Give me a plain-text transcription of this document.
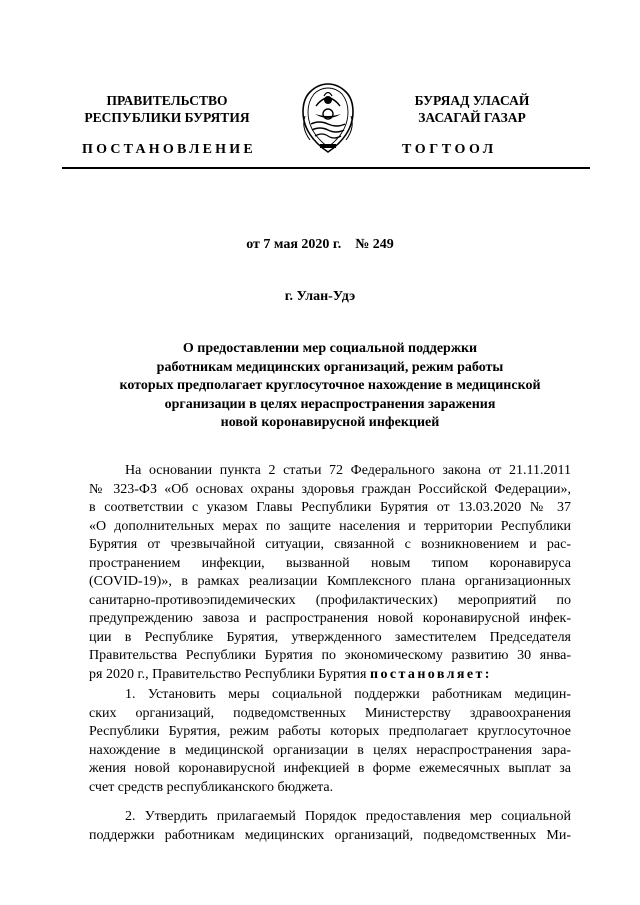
ПРАВИТЕЛЬСТВО
РЕСПУБЛИКИ БУРЯТИЯ
ПОСТАНОВЛЕНИЕ
БУРЯАД УЛАСАЙ
ЗАСАГАЙ ГАЗАР
ТОГТООЛ
от 7 мая 2020 г. № 249
г. Улан-Удэ
О предоставлении мер социальной поддержки
работникам медицинских организаций, режим работы
которых предполагает круглосуточное нахождение в медицинской
организации в целях нераспространения заражения
новой коронавирусной инфекцией
На основании пункта 2 статьи 72 Федерального закона от 21.11.2011
№ 323-ФЗ «Об основах охраны здоровья граждан Российской Федерации»,
в соответствии с указом Главы Республики Бурятия от 13.03.2020 № 37
«О дополнительных мерах по защите населения и территории Республики
Бурятия от чрезвычайной ситуации, связанной с возникновением и рас-
пространением инфекции, вызванной новым типом коронавируса
(COVID-19)», в рамках реализации Комплексного плана организационных
санитарно-противоэпидемических (профилактических) мероприятий по
предупреждению завоза и распространения новой коронавирусной инфек-
ции в Республике Бурятия, утвержденного заместителем Председателя
Правительства Республики Бурятия по экономическому развитию 30 янва-
ря 2020 г., Правительство Республики Бурятия постановляет:
1. Установить меры социальной поддержки работникам медицин-
ских организаций, подведомственных Министерству здравоохранения
Республики Бурятия, режим работы которых предполагает круглосуточное
нахождение в медицинской организации в целях нераспространения зара-
жения новой коронавирусной инфекцией в форме ежемесячных выплат за
счет средств республиканского бюджета.
2. Утвердить прилагаемый Порядок предоставления мер социальной
поддержки работникам медицинских организаций, подведомственных Ми-
